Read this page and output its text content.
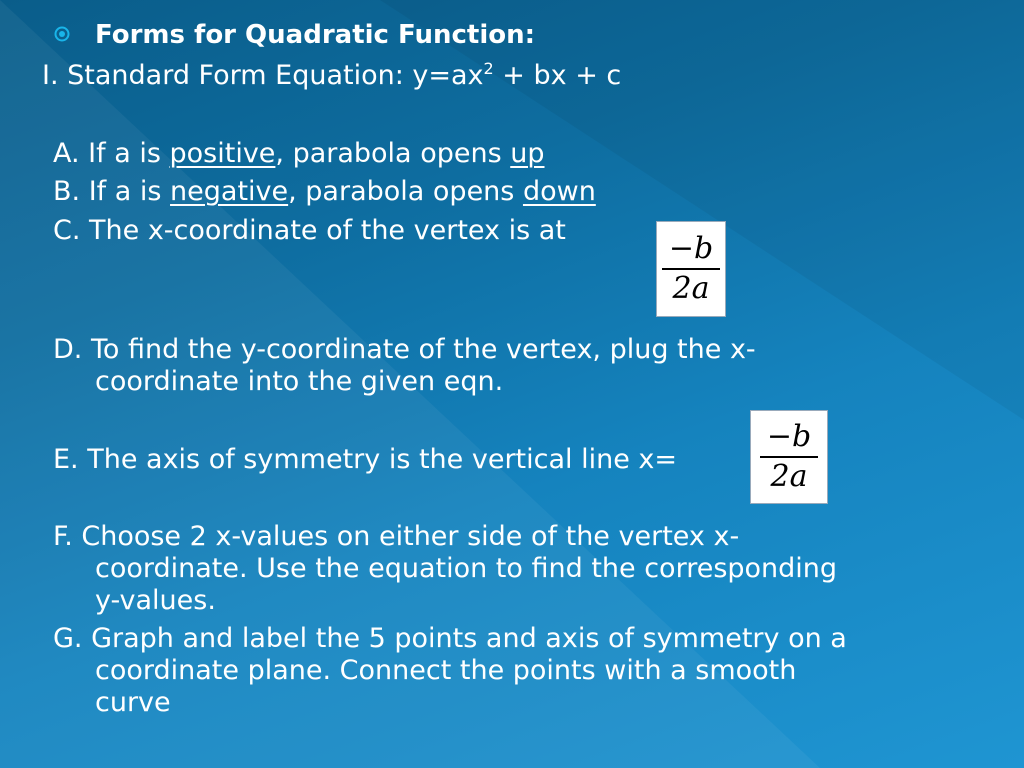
Forms for Quadratic Function:
I. Standard Form Equation: $y=ax^2$ + bx + c
A. If a is positive, parabola opens up
B. If a is negative, parabola opens down
C. The x-coordinate of the vertex is at
−b
2a
D. To find the y-coordinate of the vertex, plug the x-
coordinate into the given eqn.
E. The axis of symmetry is the vertical line x=
−b
2a
F. Choose 2 x-values on either side of the vertex x-
coordinate. Use the equation to find the corresponding
y-values.
G. Graph and label the 5 points and axis of symmetry on a
coordinate plane. Connect the points with a smooth
curve
